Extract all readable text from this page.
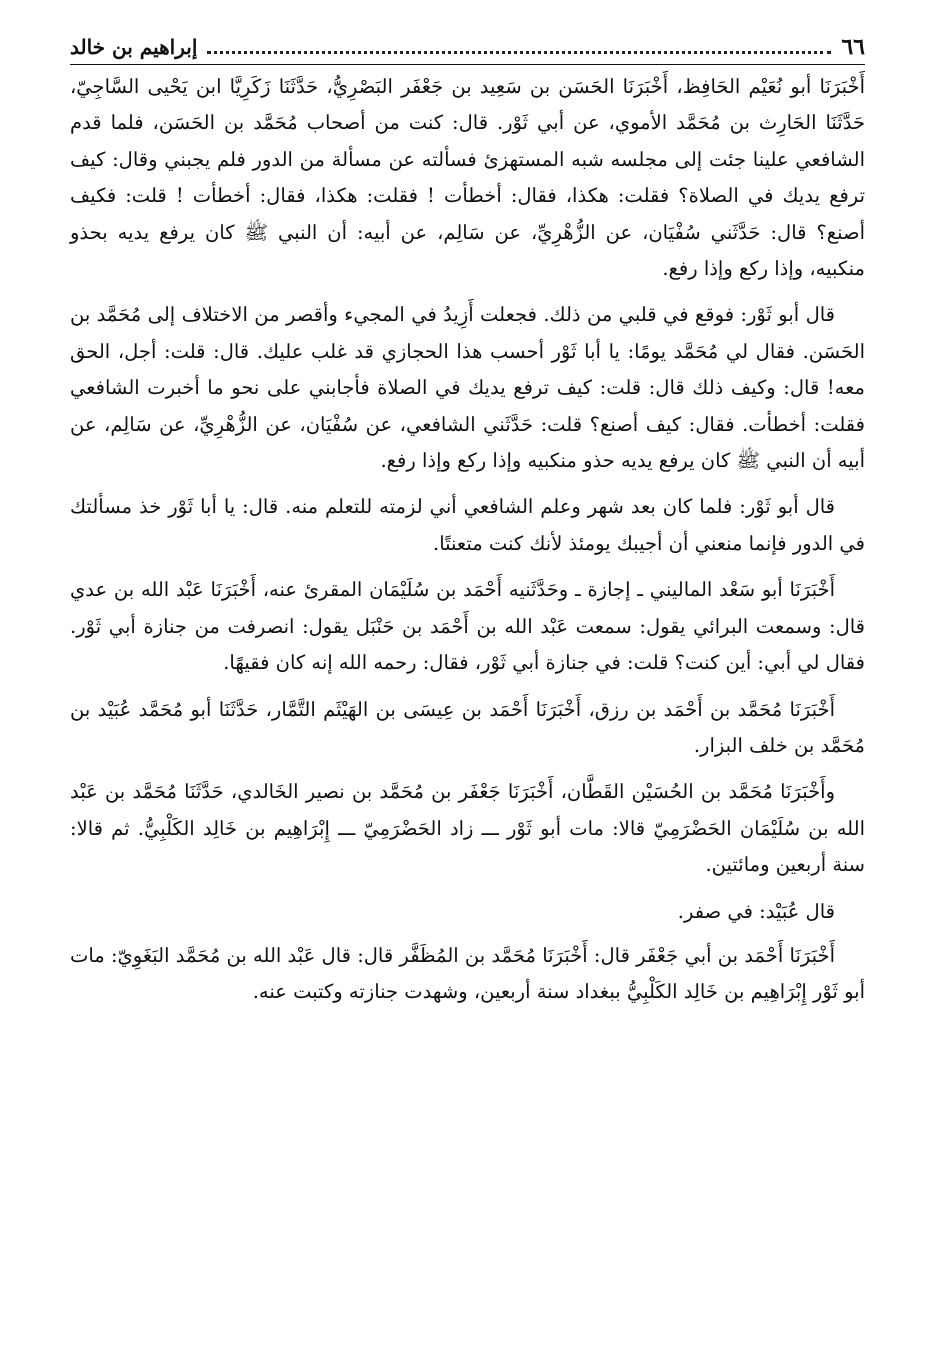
٦٦
إبراهيم بن خالد

أَخْبَرَنَا أبو نُعَيْم الحَافِظ، أَخْبَرَنَا الحَسَن بن سَعِيد بن جَعْفَر البَصْرِيُّ، حَدَّثَنَا زَكَرِيَّا ابن يَحْيى السَّاجِيّ، حَدَّثَنَا الحَارِث بن مُحَمَّد الأموي، عن أبي ثَوْر. قال: كنت من أصحاب مُحَمَّد بن الحَسَن، فلما قدم الشافعي علينا جئت إلى مجلسه شبه المستهزئ فسألته عن مسألة من الدور فلم يجبني وقال: كيف ترفع يديك في الصلاة؟ فقلت: هكذا، فقال: أخطأت ! فقلت: هكذا، فقال: أخطأت ! قلت: فكيف أصنع؟ قال: حَدَّثَني سُفْيَان، عن الزُّهْرِيِّ، عن سَالِم، عن أبيه: أن النبي ﷺ كان يرفع يديه بحذو منكبيه، وإذا ركع وإذا رفع.

قال أبو ثَوْر: فوقع في قلبي من ذلك. فجعلت أَزِيدُ في المجيء وأقصر من الاختلاف إلى مُحَمَّد بن الحَسَن. فقال لي مُحَمَّد يومًا: يا أبا ثَوْر أحسب هذا الحجازي قد غلب عليك. قال: قلت: أجل، الحق معه! قال: وكيف ذلك قال: قلت: كيف ترفع يديك في الصلاة فأجابني على نحو ما أخبرت الشافعي فقلت: أخطأت. فقال: كيف أصنع؟ قلت: حَدَّثَني الشافعي، عن سُفْيَان، عن الزُّهْرِيِّ، عن سَالِم، عن أبيه أن النبي ﷺ كان يرفع يديه حذو منكبيه وإذا ركع وإذا رفع.

قال أبو ثَوْر: فلما كان بعد شهر وعلم الشافعي أني لزمته للتعلم منه. قال: يا أبا ثَوْر خذ مسألتك في الدور فإنما منعني أن أجيبك يومئذ لأنك كنت متعنتًا.

أَخْبَرَنَا أبو سَعْد الماليني ـ إجازة ـ وحَدَّثَنيه أَحْمَد بن سُلَيْمَان المقرئ عنه، أَخْبَرَنَا عَبْد الله بن عدي قال: وسمعت البرائي يقول: سمعت عَبْد الله بن أَحْمَد بن حَنْبَل يقول: انصرفت من جنازة أبي ثَوْر. فقال لي أبي: أين كنت؟ قلت: في جنازة أبي ثَوْر، فقال: رحمه الله إنه كان فقيهًا.

أَخْبَرَنَا مُحَمَّد بن أَحْمَد بن رزق، أَخْبَرَنَا أَحْمَد بن عِيسَى بن الهَيْثَم التَّمَّار، حَدَّثَنَا أبو مُحَمَّد عُبَيْد بن مُحَمَّد بن خلف البزار.

وأَخْبَرَنَا مُحَمَّد بن الحُسَيْن القَطَّان، أَخْبَرَنَا جَعْفَر بن مُحَمَّد بن نصير الخَالدي، حَدَّثَنَا مُحَمَّد بن عَبْد الله بن سُلَيْمَان الحَضْرَمِيّ قالا: مات أبو ثَوْر ـــ زاد الحَضْرَمِيّ ـــ إِبْرَاهِيم بن خَالِد الكَلْبِيُّ. ثم قالا: سنة أربعين ومائتين.

قال عُبَيْد: في صفر.

أَخْبَرَنَا أَحْمَد بن أبي جَعْفَر قال: أَخْبَرَنَا مُحَمَّد بن المُظَفَّر قال: قال عَبْد الله بن مُحَمَّد البَغَوِيّ: مات أبو ثَوْر إِبْرَاهِيم بن خَالِد الكَلْبِيُّ ببغداد سنة أربعين، وشهدت جنازته وكتبت عنه.
